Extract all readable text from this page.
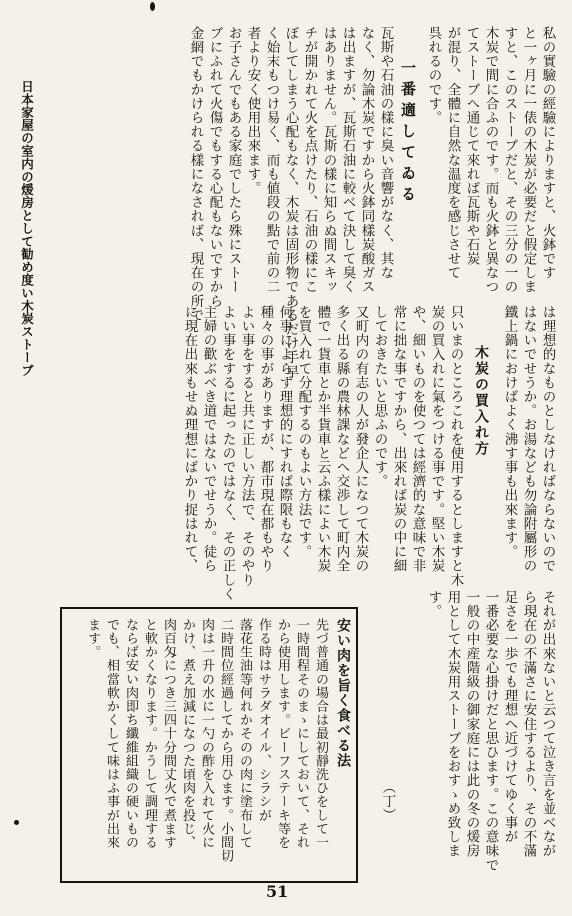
日本家屋の室内の煖房として勧め度い木炭ストーブ	私の實驗の經驗によりますと、火鉢です
と一ヶ月に一俵の木炭が必要だと假定しま
すと、このストーブだと、その三分の一の
木炭で間に合ふのです。而も火鉢と異なつ
てストーブへ通じて來れば瓦斯や石炭
が混り、全體に自然な温度を感じさせて
呉れるのです。
一番適してゐる
瓦斯や石油の樣に臭い音響がなく、其な
なく、勿論木炭ですから火鉢同樣炭酸ガス
は出ますが、瓦斯石油に較べて決して臭く
はありません。瓦斯の樣に知らぬ間スキッ
チが開かれて火を点けたり、石油の樣にこ
ぼしてしまう心配もなく、木炭は固形物であるだけ手早
く始末もつけ易く、而も値段の點で前の二
者より安く使用出來ます。
お子さんでもある家庭でしたら殊にストー
ブにふれて火傷でもする心配もないですから
金網でもかけられる樣になされば、現在の所で
は理想的なものとしなければならないので
はないでせうか。お湯なども勿論附屬形の
鐵上鍋におけばよく沸す事も出來ます。
木炭の買入れ方
只いまのところこれを使用するとしますと木
炭の買入れに氣をつける事です。堅い木炭
や、細いものを使つては經濟的な意味で非
常に拙な事ですから、出來れば炭の中に細
しておきたいと思ふのです。
又町内の有志の人が發企人になつて木炭の
多く出る縣の農林課などへ交渉して町内全
體で一貨車とか半貨車と云ふ樣によい木炭
を買入れて分配するのもよい方法です。
何事によらず理想的にすれば際限もなく
種々の事がありますが、都市現在都もやり
よい事をすると共に正しい方法で、そのやり
よい事をするに起ったのではなく、その正しく
主婦の歡ぶべき道ではないでせうか。徒ら
に現在出來もせぬ理想にばかり捉はれて、
それが出來ないと云つて泣き言を並べなが
ら現在の不滿さに安住するより、その不滿
足さを一歩でも理想へ近づけてゆく事が
一番必要な心掛けだと思ひます。この意味で
一般の中産階級の御家庭には此の冬の煖房
用として木炭用ストーブをおすゝめ致しま
す。
（丁）
安い肉を旨く食べる法
先づ普通の場合は最初靜洗ひをして一
一時間程そのまゝにしておいて、それ
から使用します。ビーフステーキ等を
作る時はサラダオイル、シラシが
落花生油等何れかそのの肉に塗布して
二時間位經過してから用ひます。小間切
肉は一升の水に一勺の酢を入れて火に
かけ、煮え加減になつた頃肉を投じ、
肉百匁につき三四十分間丈火で煮ます
と軟かくなります。かうして調理する
ならば安い肉即ち纖維組織の硬いもの
でも、相當軟かくして味はふ事が出來
ます。
51
